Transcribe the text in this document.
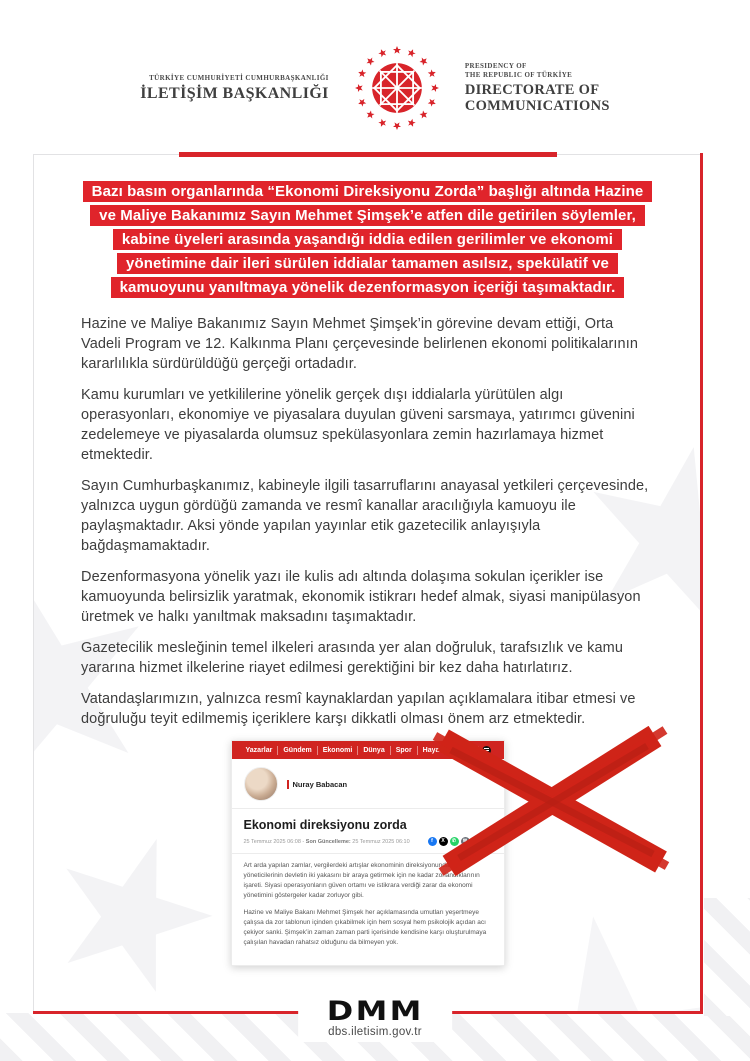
TÜRKİYE CUMHURİYETİ CUMHURBAŞKANLIĞI
İLETİŞİM BAŞKANLIĞI
PRESIDENCY OF
THE REPUBLIC OF TÜRKİYE
DIRECTORATE OF
COMMUNICATIONS
Bazı basın organlarında “Ekonomi Direksiyonu Zorda” başlığı altında Hazine
ve Maliye Bakanımız Sayın Mehmet Şimşek’e atfen dile getirilen söylemler,
kabine üyeleri arasında yaşandığı iddia edilen gerilimler ve ekonomi
yönetimine dair ileri sürülen iddialar tamamen asılsız, spekülatif ve
kamuoyunu yanıltmaya yönelik dezenformasyon içeriği taşımaktadır.

Hazine ve Maliye Bakanımız Sayın Mehmet Şimşek’in görevine devam ettiği, Orta Vadeli Program ve 12. Kalkınma Planı çerçevesinde belirlenen ekonomi politikalarının kararlılıkla sürdürüldüğü gerçeği ortadadır.

Kamu kurumları ve yetkililerine yönelik gerçek dışı iddialarla yürütülen algı operasyonları, ekonomiye ve piyasalara duyulan güveni sarsmaya, yatırımcı güvenini zedelemeye ve piyasalarda olumsuz spekülasyonlara zemin hazırlamaya hizmet etmektedir.

Sayın Cumhurbaşkanımız, kabineyle ilgili tasarruflarını anayasal yetkileri çerçevesinde, yalnızca uygun gördüğü zamanda ve resmî kanallar aracılığıyla kamuoyu ile paylaşmaktadır. Aksi yönde yapılan yayınlar etik gazetecilik anlayışıyla bağdaşmamaktadır.

Dezenformasyona yönelik yazı ile kulis adı altında dolaşıma sokulan içerikler ise kamuoyunda belirsizlik yaratmak, ekonomik istikrarı hedef almak, siyasi manipülasyon üretmek ve halkı yanıltmak maksadını taşımaktadır.

Gazetecilik mesleğinin temel ilkeleri arasında yer alan doğruluk, tarafsızlık ve kamu yararına hizmet ilkelerine riayet edilmesi gerektiğini bir kez daha hatırlatırız.

Vatandaşlarımızın, yalnızca resmî kaynaklardan yapılan açıklamalara itibar etmesi ve doğruluğu teyit edilmemiş içeriklere karşı dikkatli olması önem arz etmektedir.

Yazarlar	Gündem	Ekonomi	Dünya	Spor	Hayat	Sağlık
Nuray Babacan
Ekonomi direksiyonu zorda
25 Temmuz 2025 06:08 - Son Güncelleme: 25 Temmuz 2025 06:10	f	X	✆	✉	A+	A-

Art arda yapılan zamlar, vergilerdeki artışlar ekonominin direksiyonundaki yöneticilerinin devletin iki yakasını bir araya getirmek için ne kadar zorlandıklarının işareti. Siyasi operasyonların güven ortamı ve istikrara verdiği zarar da ekonomi yönetimini göstergeler kadar zorluyor gibi.

Hazine ve Maliye Bakanı Mehmet Şimşek her açıklamasında umutları yeşertmeye çalışsa da zor tablonun içinden çıkabilmek için hem sosyal hem psikolojik açıdan acı çekiyor sanki. Şimşek’in zaman zaman parti içerisinde kendisine karşı oluşturulmaya çalışılan havadan rahatsız olduğunu da bilmeyen yok.

DMM
dbs.iletisim.gov.tr
